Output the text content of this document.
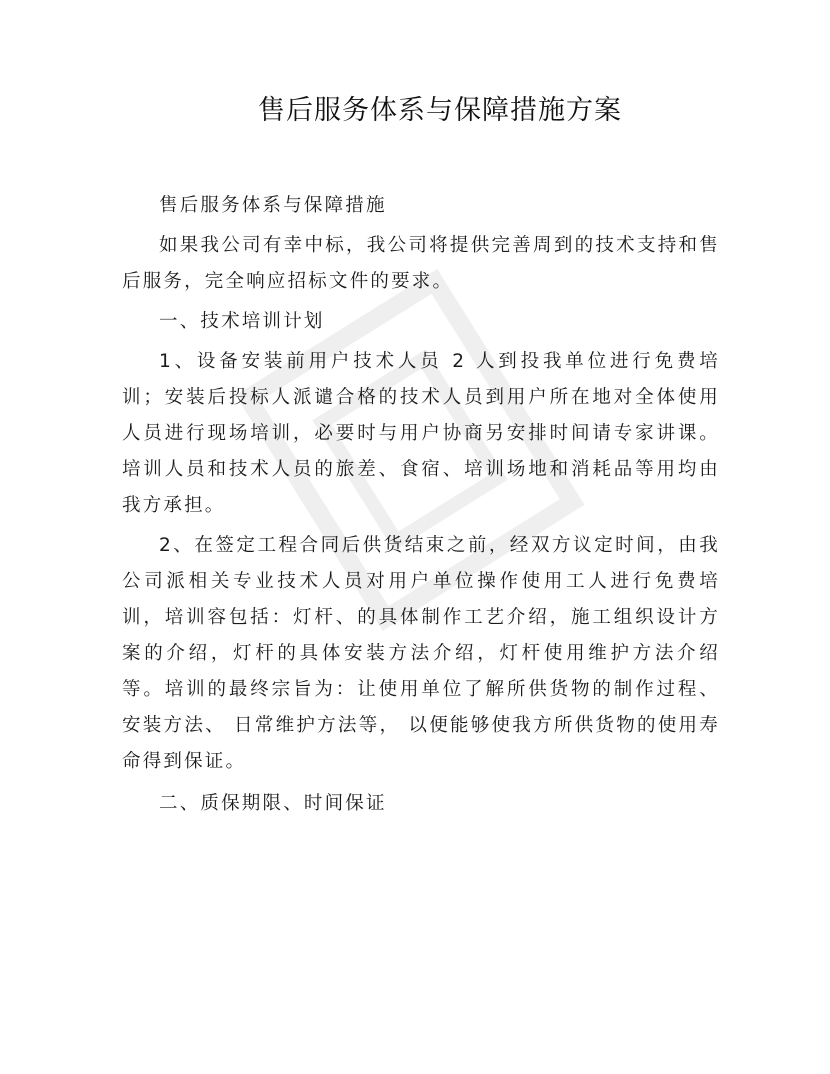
售后服务体系与保障措施方案

售后服务体系与保障措施

如果我公司有幸中标，我公司将提供完善周到的技术支持和售后服务，完全响应招标文件的要求。

一、技术培训计划

1、设备安装前用户技术人员 2 人到投我单位进行免费培训；安装后投标人派谴合格的技术人员到用户所在地对全体使用人员进行现场培训，必要时与用户协商另安排时间请专家讲课。培训人员和技术人员的旅差、食宿、培训场地和消耗品等用均由我方承担。

2、在签定工程合同后供货结束之前，经双方议定时间，由我公司派相关专业技术人员对用户单位操作使用工人进行免费培训，培训容包括：灯杆、的具体制作工艺介绍，施工组织设计方案的介绍，灯杆的具体安装方法介绍，灯杆使用维护方法介绍等。培训的最终宗旨为：让使用单位了解所供货物的制作过程、安装方法、 日常维护方法等， 以便能够使我方所供货物的使用寿命得到保证。

二、质保期限、时间保证
